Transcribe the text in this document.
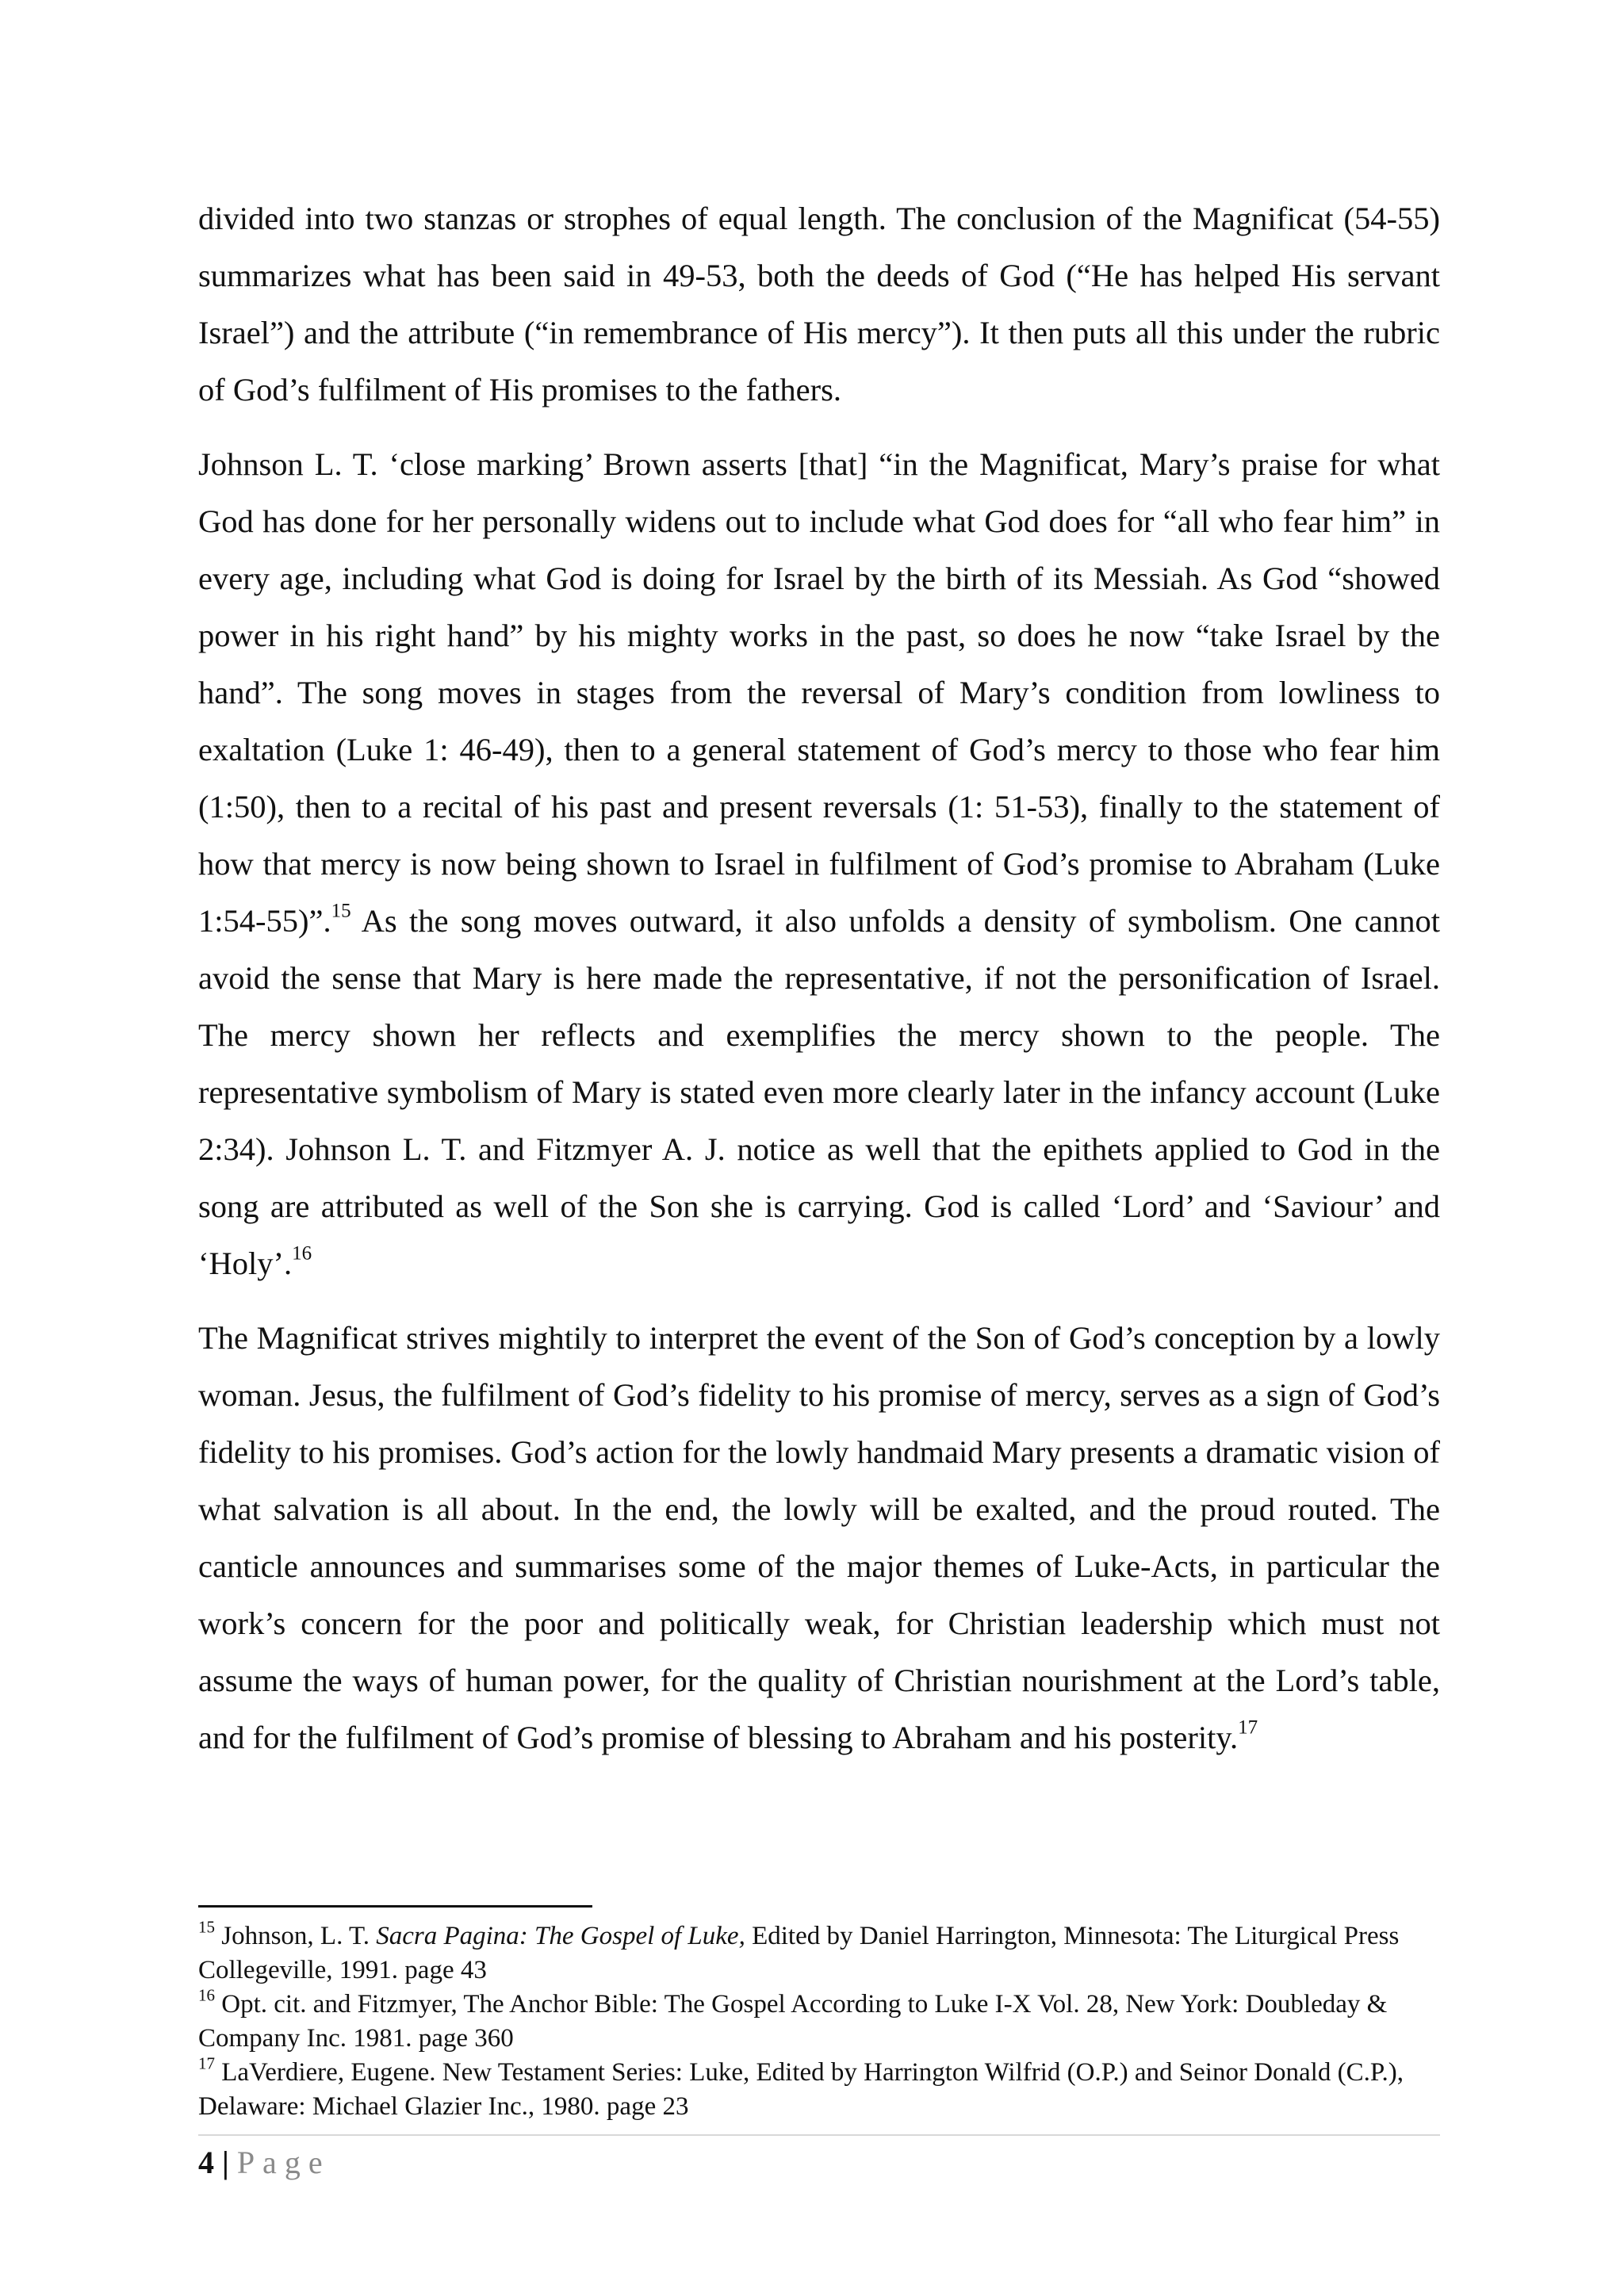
divided into two stanzas or strophes of equal length. The conclusion of the Magnificat (54-55) summarizes what has been said in 49-53, both the deeds of God (“He has helped His servant Israel”) and the attribute (“in remembrance of His mercy”). It then puts all this under the rubric of God’s fulfilment of His promises to the fathers.

Johnson L. T. ‘close marking’ Brown asserts [that] “in the Magnificat, Mary’s praise for what God has done for her personally widens out to include what God does for “all who fear him” in every age, including what God is doing for Israel by the birth of its Messiah. As God “showed power in his right hand” by his mighty works in the past, so does he now “take Israel by the hand”. The song moves in stages from the reversal of Mary’s condition from lowliness to exaltation (Luke 1: 46-49), then to a general statement of God’s mercy to those who fear him (1:50), then to a recital of his past and present reversals (1: 51-53), finally to the statement of how that mercy is now being shown to Israel in fulfilment of God’s promise to Abraham (Luke 1:54-55)”.$^{15}$ As the song moves outward, it also unfolds a density of symbolism. One cannot avoid the sense that Mary is here made the representative, if not the personification of Israel. The mercy shown her reflects and exemplifies the mercy shown to the people. The representative symbolism of Mary is stated even more clearly later in the infancy account (Luke 2:34). Johnson L. T. and Fitzmyer A. J. notice as well that the epithets applied to God in the song are attributed as well of the Son she is carrying. God is called ‘Lord’ and ‘Saviour’ and ‘Holy’.$^{16}$

The Magnificat strives mightily to interpret the event of the Son of God’s conception by a lowly woman. Jesus, the fulfilment of God’s fidelity to his promise of mercy, serves as a sign of God’s fidelity to his promises. God’s action for the lowly handmaid Mary presents a dramatic vision of what salvation is all about. In the end, the lowly will be exalted, and the proud routed. The canticle announces and summarises some of the major themes of Luke-Acts, in particular the work’s concern for the poor and politically weak, for Christian leadership which must not assume the ways of human power, for the quality of Christian nourishment at the Lord’s table, and for the fulfilment of God’s promise of blessing to Abraham and his posterity.$^{17}$

$^{15}$ Johnson, L. T. Sacra Pagina: The Gospel of Luke, Edited by Daniel Harrington, Minnesota: The Liturgical Press Collegeville, 1991. page 43

$^{16}$ Opt. cit. and Fitzmyer, The Anchor Bible: The Gospel According to Luke I-X Vol. 28, New York: Doubleday & Company Inc. 1981. page 360

$^{17}$ LaVerdiere, Eugene. New Testament Series: Luke, Edited by Harrington Wilfrid (O.P.) and Seinor Donald (C.P.), Delaware: Michael Glazier Inc., 1980. page 23

4 | Page
